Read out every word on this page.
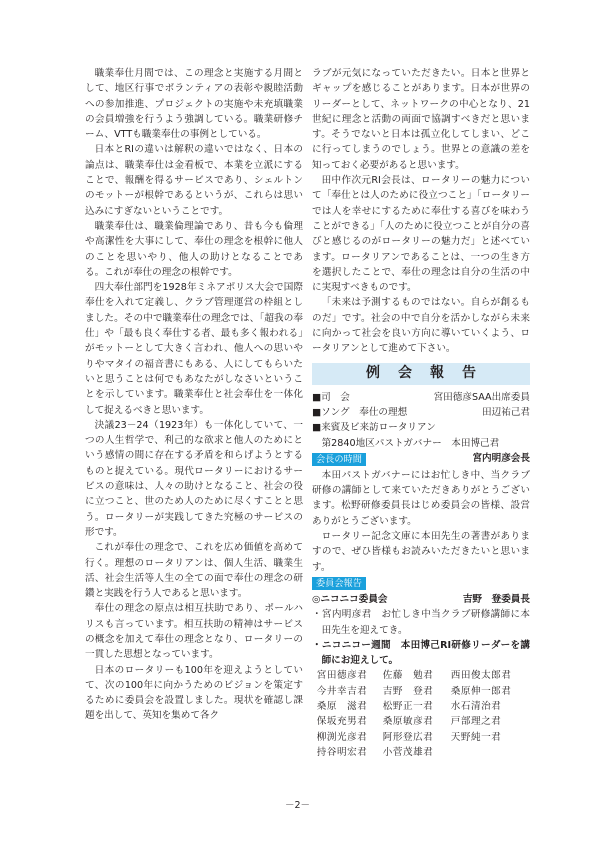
職業奉仕月間では、この理念と実施する月間として、地区行事でボランティアの表彰や親睦活動への参加推進、プロジェクトの実施や未充填職業の会員増強を行うよう強調している。職業研修チーム、VTTも職業奉仕の事例としている。

日本とRIの違いは解釈の違いではなく、日本の論点は、職業奉仕は金看板で、本業を立派にすることで、報酬を得るサービスであり、シェルトンのモットーが根幹であるというが、これらは思い込みにすぎないということです。

職業奉仕は、職業倫理論であり、昔も今も倫理や高潔性を大事にして、奉仕の理念を根幹に他人のことを思いやり、他人の助けとなることである。これが奉仕の理念の根幹です。

四大奉仕部門を1928年ミネアポリス大会で国際奉仕を入れて定義し、クラブ管理運営の枠組としました。その中で職業奉仕の理念では、「超我の奉仕」や「最も良く奉仕する者、最も多く報われる」がモットーとして大きく言われ、他人への思いやりやマタイの福音書にもある、人にしてもらいたいと思うことは何でもあなたがしなさいということを示しています。職業奉仕と社会奉仕を一体化して捉えるべきと思います。

決議23－24（1923年）も一体化していて、一つの人生哲学で、利己的な欲求と他人のためにという感情の間に存在する矛盾を和らげようとするものと捉えている。現代ロータリーにおけるサービスの意味は、人々の助けとなること、社会の役に立つこと、世のため人のために尽くすことと思う。ロータリーが実践してきた究極のサービスの形です。

これが奉仕の理念で、これを広め価値を高めて行く。理想のロータリアンは、個人生活、職業生活、社会生活等人生の全ての面で奉仕の理念の研鑽と実践を行う人であると思います。

奉仕の理念の原点は相互扶助であり、ポールハリスも言っています。相互扶助の精神はサービスの概念を加えて奉仕の理念となり、ロータリーの一貫した思想となっています。

日本のロータリーも100年を迎えようとしていて、次の100年に向かうためのビジョンを策定するために委員会を設置しました。現状を確認し課題を出して、英知を集めて各ク

ラブが元気になっていただきたい。日本と世界とギャップを感じることがあります。日本が世界のリーダーとして、ネットワークの中心となり、21世紀に理念と活動の両面で協調すべきだと思います。そうでないと日本は孤立化してしまい、どこに行ってしまうのでしょう。世界との意識の差を知っておく必要があると思います。

田中作次元RI会長は、ロータリーの魅力について「奉仕とは人のために役立つこと」「ロータリーでは人を幸せにするために奉仕する喜びを味わうことができる」「人のために役立つことが自分の喜びと感じるのがロータリーの魅力だ」と述べています。ロータリアンであることは、一つの生き方を選択したことで、奉仕の理念は自分の生活の中に実現すべきものです。

「未来は予測するものではない。自らが創るものだ」です。社会の中で自分を活かしながら未来に向かって社会を良い方向に導いていくよう、ロータリアンとして進めて下さい。

例会報告
■司　会	宮田德彦SAA出席委員
■ソング　奉仕の理想	田辺祐己君
■来賓及ビ来訪ロータリアン
第2840地区パストガバナー　本田博己君
会長の時間	宮内明彦会長

本田パストガバナーにはお忙しき中、当クラブ研修の講師として来ていただきありがとうございます。松野研修委員長はじめ委員会の皆様、設営ありがとうございます。

ロータリー記念文庫に本田先生の著書がありますので、ぜひ皆様もお読みいただきたいと思います。

委員会報告
◎ニコニコ委員会	吉野　登委員長
・宮内明彦君　お忙しき中当クラブ研修講師に本田先生を迎えてき。
・ニコニコー週間　本田博己RI研修リーダーを講師にお迎えして。
宮田德彦君	佐藤　勉君	西田俊太郎君
今井幸吉君	吉野　登君	桑原伸一郎君
桑原　滋君	松野正一君	水石清治君
保坂充男君	桑原敏彦君	戸部理之君
柳渕光彦君	阿形登広君	天野純一君
持谷明宏君	小菅茂雄君
－2－
